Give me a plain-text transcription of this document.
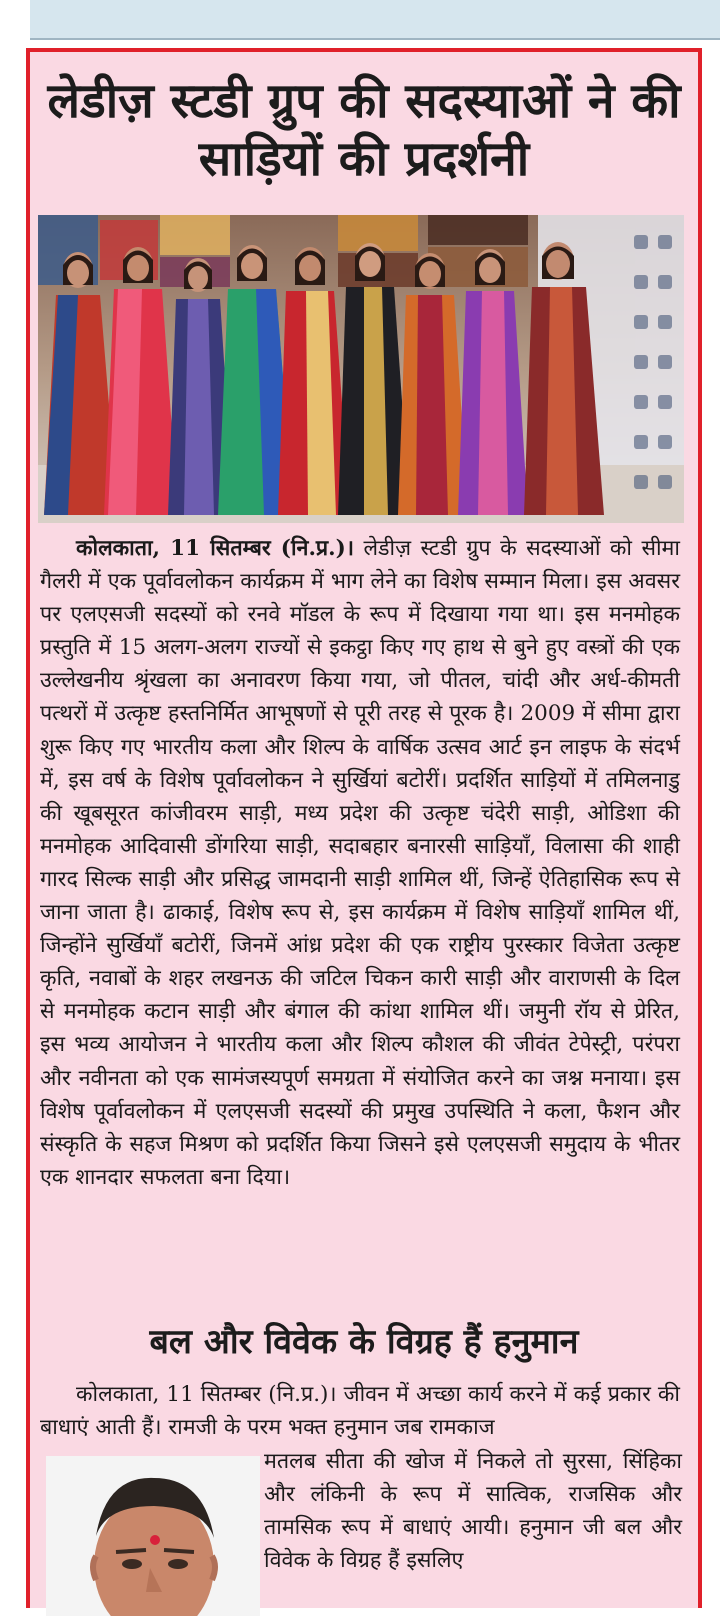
लेडीज़ स्टडी ग्रुप की सदस्याओं ने की साड़ियों की प्रदर्शनी

कोलकाता, 11 सितम्बर (नि.प्र.)। लेडीज़ स्टडी ग्रुप के सदस्याओं को सीमा गैलरी में एक पूर्वावलोकन कार्यक्रम में भाग लेने का विशेष सम्मान मिला। इस अवसर पर एलएसजी सदस्यों को रनवे मॉडल के रूप में दिखाया गया था। इस मनमोहक प्रस्तुति में 15 अलग-अलग राज्यों से इकट्ठा किए गए हाथ से बुने हुए वस्त्रों की एक उल्लेखनीय श्रृंखला का अनावरण किया गया, जो पीतल, चांदी और अर्ध-कीमती पत्थरों में उत्कृष्ट हस्तनिर्मित आभूषणों से पूरी तरह से पूरक है। 2009 में सीमा द्वारा शुरू किए गए भारतीय कला और शिल्प के वार्षिक उत्सव आर्ट इन लाइफ के संदर्भ में, इस वर्ष के विशेष पूर्वावलोकन ने सुर्खियां बटोरीं। प्रदर्शित साड़ियों में तमिलनाडु की खूबसूरत कांजीवरम साड़ी, मध्य प्रदेश की उत्कृष्ट चंदेरी साड़ी, ओडिशा की मनमोहक आदिवासी डोंगरिया साड़ी, सदाबहार बनारसी साड़ियाँ, विलासा की शाही गारद सिल्क साड़ी और प्रसिद्ध जामदानी साड़ी शामिल थीं, जिन्हें ऐतिहासिक रूप से जाना जाता है। ढाकाई, विशेष रूप से, इस कार्यक्रम में विशेष साड़ियाँ शामिल थीं, जिन्होंने सुर्खियाँ बटोरीं, जिनमें आंध्र प्रदेश की एक राष्ट्रीय पुरस्कार विजेता उत्कृष्ट कृति, नवाबों के शहर लखनऊ की जटिल चिकन कारी साड़ी और वाराणसी के दिल से मनमोहक कटान साड़ी और बंगाल की कांथा शामिल थीं। जमुनी रॉय से प्रेरित, इस भव्य आयोजन ने भारतीय कला और शिल्प कौशल की जीवंत टेपेस्ट्री, परंपरा और नवीनता को एक सामंजस्यपूर्ण समग्रता में संयोजित करने का जश्न मनाया। इस विशेष पूर्वावलोकन में एलएसजी सदस्यों की प्रमुख उपस्थिति ने कला, फैशन और संस्कृति के सहज मिश्रण को प्रदर्शित किया जिसने इसे एलएसजी समुदाय के भीतर एक शानदार सफलता बना दिया।

बल और विवेक के विग्रह हैं हनुमान

कोलकाता, 11 सितम्बर (नि.प्र.)। जीवन में अच्छा कार्य करने में कई प्रकार की बाधाएं आती हैं। रामजी के परम भक्त हनुमान जब रामकाज

मतलब सीता की खोज में निकले तो सुरसा, सिंहिका और लंकिनी के रूप में सात्विक, राजसिक और तामसिक रूप में बाधाएं आयी। हनुमान जी बल और विवेक के विग्रह हैं इसलिए
